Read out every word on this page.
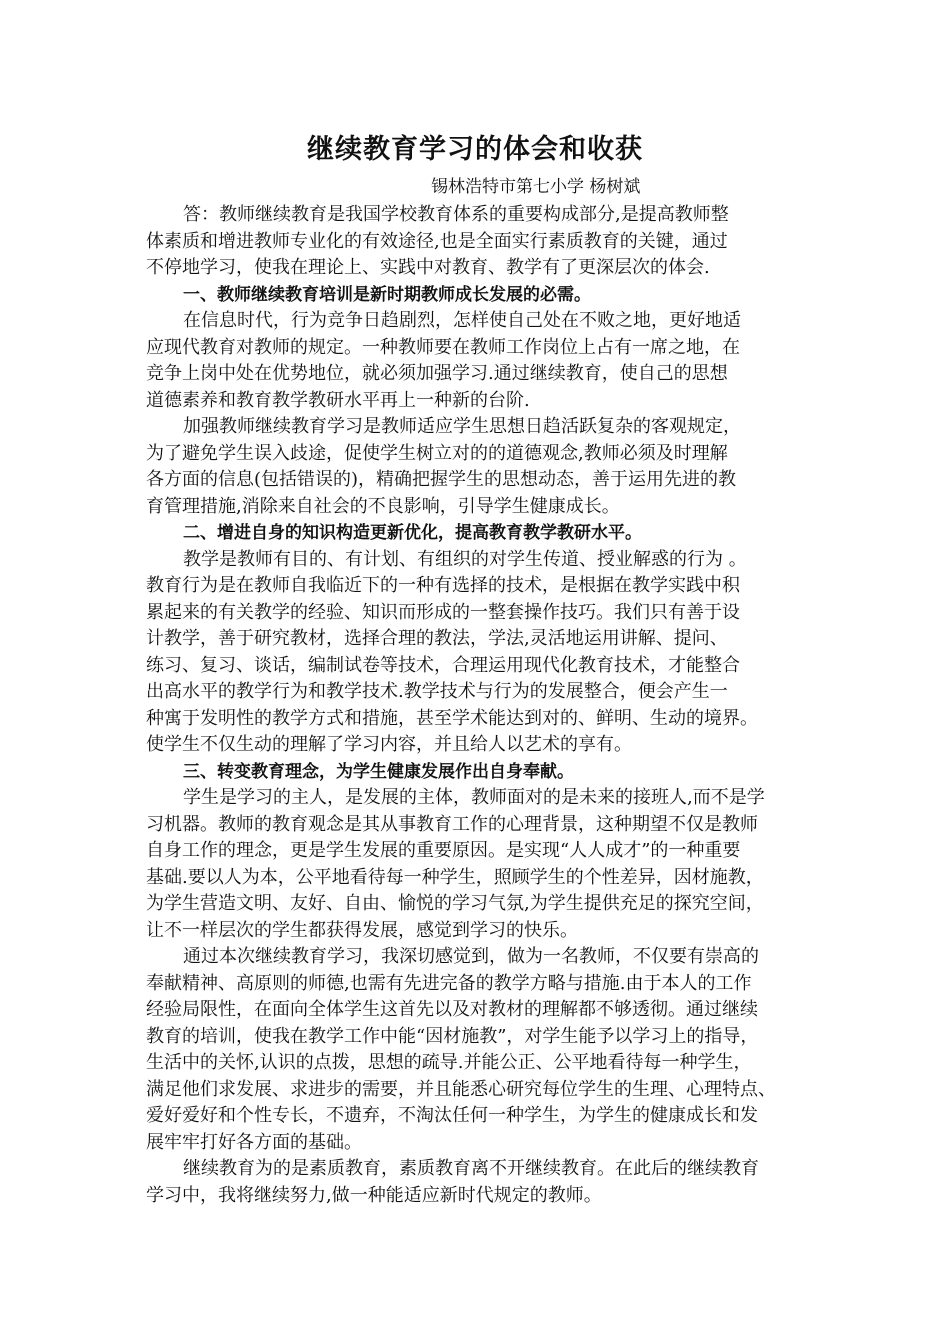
继续教育学习的体会和收获
锡林浩特市第七小学 杨树斌
答：教师继续教育是我国学校教育体系的重要构成部分,是提高教师整
体素质和增进教师专业化的有效途径,也是全面实行素质教育的关键，通过
不停地学习，使我在理论上、实践中对教育、教学有了更深层次的体会.
一、教师继续教育培训是新时期教师成长发展的必需。
在信息时代，行为竞争日趋剧烈，怎样使自己处在不败之地，更好地适
应现代教育对教师的规定。一种教师要在教师工作岗位上占有一席之地，在
竞争上岗中处在优势地位，就必须加强学习.通过继续教育，使自己的思想
道德素养和教育教学教研水平再上一种新的台阶.
加强教师继续教育学习是教师适应学生思想日趋活跃复杂的客观规定，
为了避免学生误入歧途，促使学生树立对的的道德观念,教师必须及时理解
各方面的信息(包括错误的)，精确把握学生的思想动态，善于运用先进的教
育管理措施,消除来自社会的不良影响，引导学生健康成长。
二、增进自身的知识构造更新优化，提高教育教学教研水平。
教学是教师有目的、有计划、有组织的对学生传道、授业解惑的行为 。
教育行为是在教师自我临近下的一种有选择的技术，是根据在教学实践中积
累起来的有关教学的经验、知识而形成的一整套操作技巧。我们只有善于设
计教学，善于研究教材，选择合理的教法，学法,灵活地运用讲解、提问、
练习、复习、谈话，编制试卷等技术，合理运用现代化教育技术，才能整合
出高水平的教学行为和教学技术.教学技术与行为的发展整合，便会产生一
种寓于发明性的教学方式和措施，甚至学术能达到对的、鲜明、生动的境界。
使学生不仅生动的理解了学习内容，并且给人以艺术的享有。
三、转变教育理念，为学生健康发展作出自身奉献。
学生是学习的主人，是发展的主体，教师面对的是未来的接班人,而不是学
习机器。教师的教育观念是其从事教育工作的心理背景，这种期望不仅是教师
自身工作的理念，更是学生发展的重要原因。是实现“人人成才”的一种重要
基础.要以人为本，公平地看待每一种学生，照顾学生的个性差异，因材施教，
为学生营造文明、友好、自由、愉悦的学习气氛,为学生提供充足的探究空间，
让不一样层次的学生都获得发展，感觉到学习的快乐。
通过本次继续教育学习，我深切感觉到，做为一名教师，不仅要有崇高的
奉献精神、高原则的师德,也需有先进完备的教学方略与措施.由于本人的工作
经验局限性，在面向全体学生这首先以及对教材的理解都不够透彻。通过继续
教育的培训，使我在教学工作中能“因材施教”，对学生能予以学习上的指导，
生活中的关怀,认识的点拨，思想的疏导.并能公正、公平地看待每一种学生，
满足他们求发展、求进步的需要，并且能悉心研究每位学生的生理、心理特点、
爱好爱好和个性专长，不遗弃，不淘汰任何一种学生，为学生的健康成长和发
展牢牢打好各方面的基础。
继续教育为的是素质教育，素质教育离不开继续教育。在此后的继续教育
学习中，我将继续努力,做一种能适应新时代规定的教师。
